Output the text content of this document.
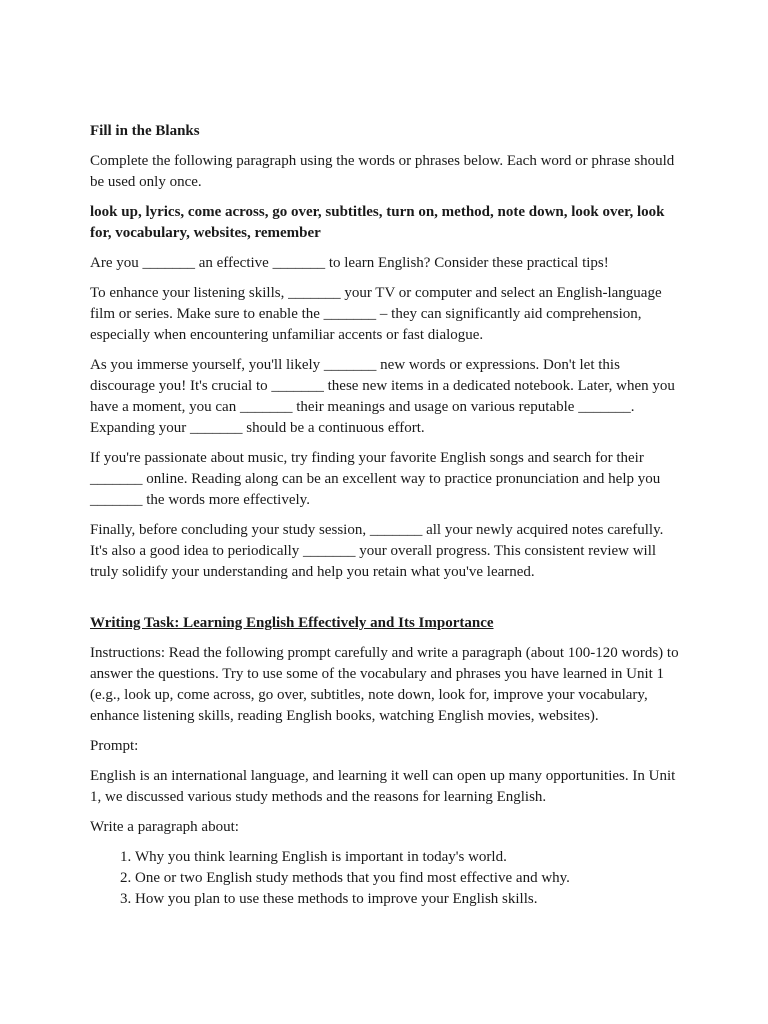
Fill in the Blanks

Complete the following paragraph using the words or phrases below. Each word or phrase should be used only once.

look up, lyrics, come across, go over, subtitles, turn on, method, note down, look over, look for, vocabulary, websites, remember

Are you _______ an effective _______ to learn English? Consider these practical tips!

To enhance your listening skills, _______ your TV or computer and select an English-language film or series. Make sure to enable the _______ – they can significantly aid comprehension, especially when encountering unfamiliar accents or fast dialogue.

As you immerse yourself, you'll likely _______ new words or expressions. Don't let this discourage you! It's crucial to _______ these new items in a dedicated notebook. Later, when you have a moment, you can _______ their meanings and usage on various reputable _______. Expanding your _______ should be a continuous effort.

If you're passionate about music, try finding your favorite English songs and search for their _______ online. Reading along can be an excellent way to practice pronunciation and help you _______ the words more effectively.

Finally, before concluding your study session, _______ all your newly acquired notes carefully. It's also a good idea to periodically _______ your overall progress. This consistent review will truly solidify your understanding and help you retain what you've learned.

Writing Task: Learning English Effectively and Its Importance

Instructions: Read the following prompt carefully and write a paragraph (about 100-120 words) to answer the questions. Try to use some of the vocabulary and phrases you have learned in Unit 1 (e.g., look up, come across, go over, subtitles, note down, look for, improve your vocabulary, enhance listening skills, reading English books, watching English movies, websites).

Prompt:

English is an international language, and learning it well can open up many opportunities. In Unit 1, we discussed various study methods and the reasons for learning English.

Write a paragraph about:

1. Why you think learning English is important in today's world.
2. One or two English study methods that you find most effective and why.
3. How you plan to use these methods to improve your English skills.
